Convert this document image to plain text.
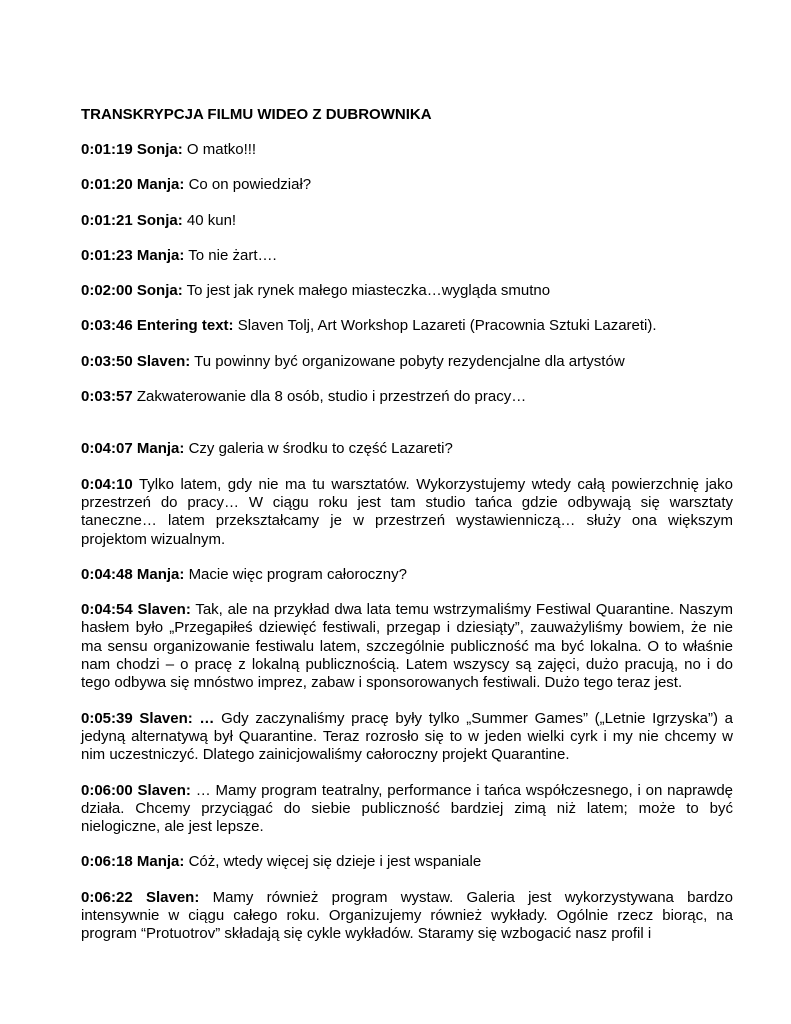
TRANSKRYPCJA FILMU WIDEO Z DUBROWNIKA
0:01:19 Sonja: O matko!!!
0:01:20 Manja: Co on powiedział?
0:01:21 Sonja: 40 kun!
0:01:23 Manja: To nie żart….
0:02:00 Sonja: To jest jak rynek małego miasteczka…wygląda smutno
0:03:46 Entering text: Slaven Tolj, Art Workshop Lazareti (Pracownia Sztuki Lazareti).
0:03:50 Slaven: Tu powinny być organizowane pobyty rezydencjalne dla artystów
0:03:57 Zakwaterowanie dla 8 osób, studio i przestrzeń do pracy…
0:04:07 Manja: Czy galeria w środku to część Lazareti?
0:04:10 Tylko latem, gdy nie ma tu warsztatów. Wykorzystujemy wtedy całą powierzchnię jako przestrzeń do pracy… W ciągu roku jest tam studio tańca gdzie odbywają się warsztaty taneczne… latem przekształcamy je w przestrzeń wystawienniczą… służy ona większym projektom wizualnym.
0:04:48 Manja: Macie więc program całoroczny?
0:04:54 Slaven: Tak, ale na przykład dwa lata temu wstrzymaliśmy Festiwal Quarantine. Naszym hasłem było „Przegapiłeś dziewięć festiwali, przegap i dziesiąty”, zauważyliśmy bowiem, że nie ma sensu organizowanie festiwalu latem, szczególnie publiczność ma być lokalna. O to właśnie nam chodzi – o pracę z lokalną publicznością. Latem wszyscy są zajęci, dużo pracują, no i do tego odbywa się mnóstwo imprez, zabaw i sponsorowanych festiwali. Dużo tego teraz jest.
0:05:39 Slaven: … Gdy zaczynaliśmy pracę były tylko „Summer Games” („Letnie Igrzyska”) a jedyną alternatywą był Quarantine. Teraz rozrosło się to w jeden wielki cyrk i my nie chcemy w nim uczestniczyć. Dlatego zainicjowaliśmy całoroczny projekt Quarantine.
0:06:00 Slaven: … Mamy program teatralny, performance i tańca współczesnego, i on naprawdę działa. Chcemy przyciągać do siebie publiczność bardziej zimą niż latem; może to być nielogiczne, ale jest lepsze.
0:06:18 Manja: Cóż, wtedy więcej się dzieje i jest wspaniale
0:06:22 Slaven: Mamy również program wystaw. Galeria jest wykorzystywana bardzo intensywnie w ciągu całego roku. Organizujemy również wykłady. Ogólnie rzecz biorąc, na program “Protuotrov” składają się cykle wykładów. Staramy się wzbogacić nasz profil i
